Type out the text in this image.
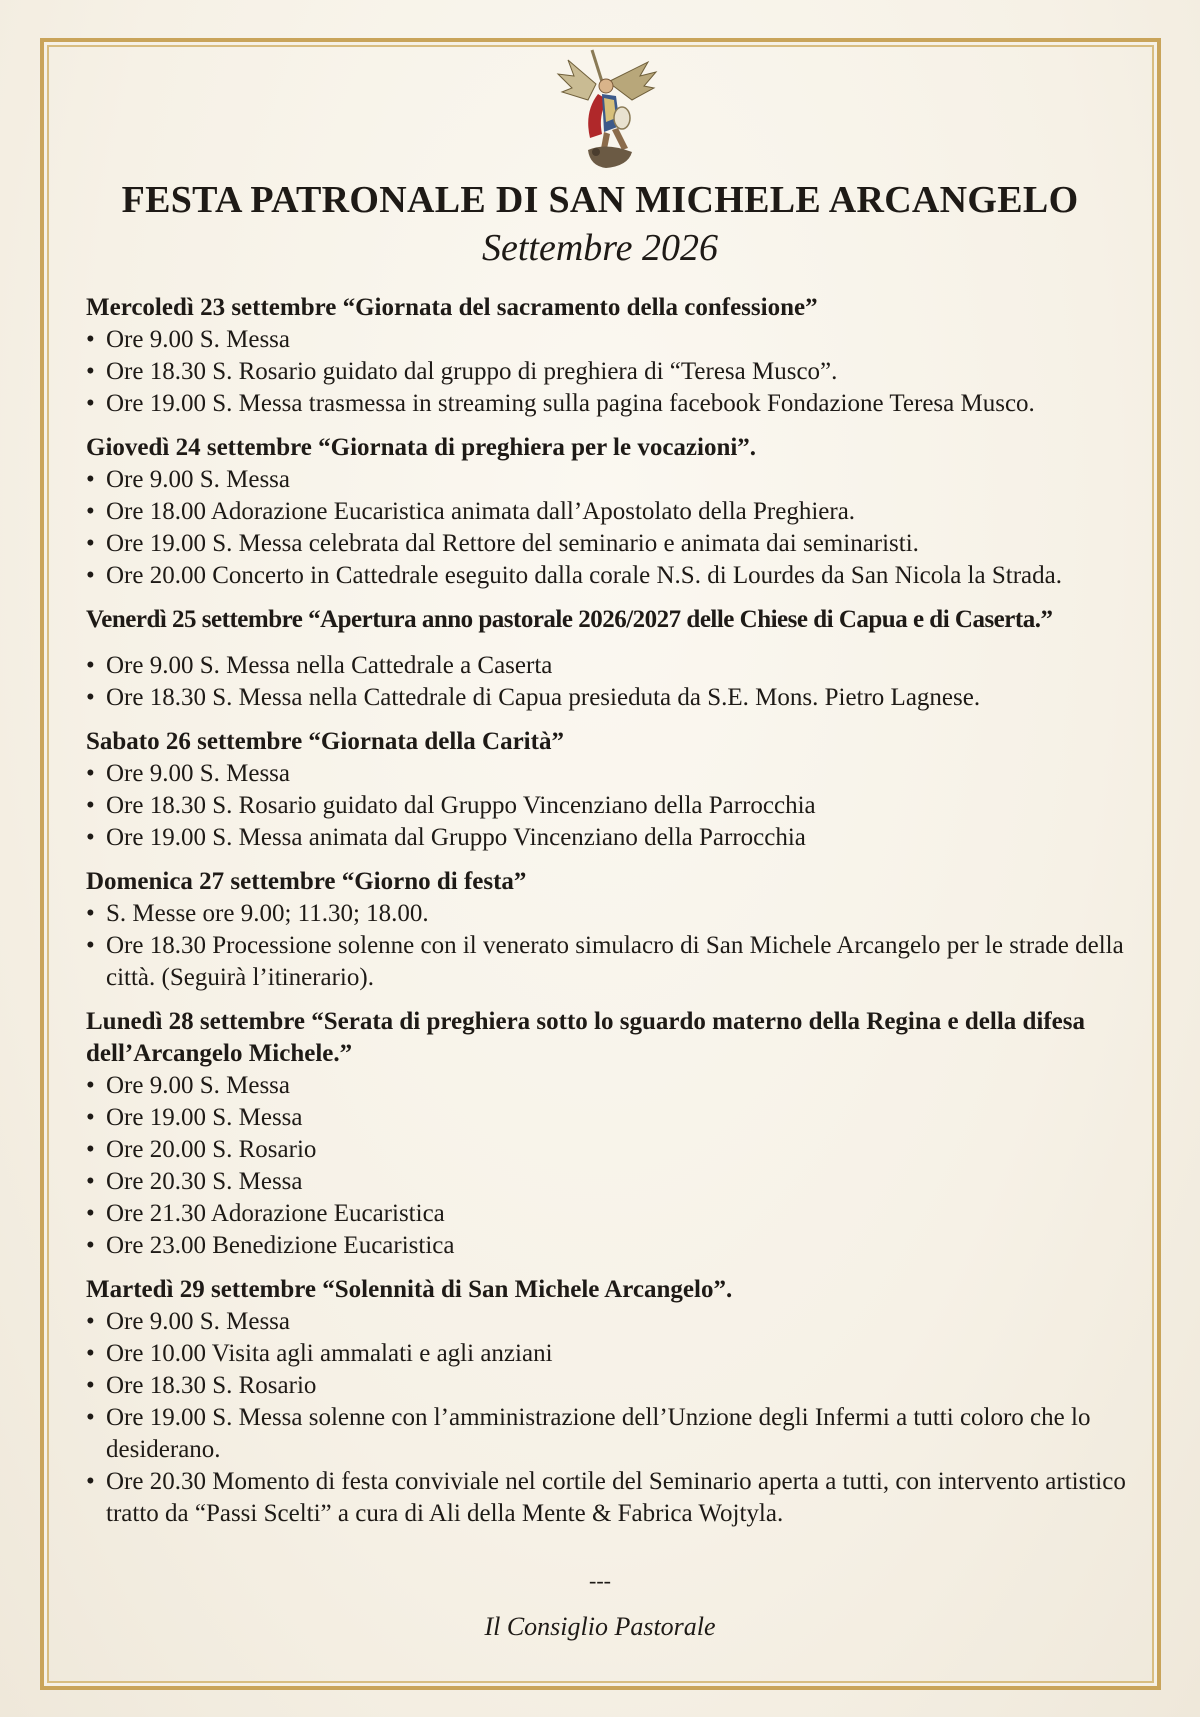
FESTA PATRONALE DI SAN MICHELE ARCANGELO
Settembre 2026
Mercoledì 23 settembre “Giornata del sacramento della confessione”
• Ore 9.00 S. Messa
• Ore 18.30 S. Rosario guidato dal gruppo di preghiera di “Teresa Musco”.
• Ore 19.00 S. Messa trasmessa in streaming sulla pagina facebook Fondazione Teresa Musco.
Giovedì 24 settembre “Giornata di preghiera per le vocazioni”.
• Ore 9.00 S. Messa
• Ore 18.00 Adorazione Eucaristica animata dall’Apostolato della Preghiera.
• Ore 19.00 S. Messa celebrata dal Rettore del seminario e animata dai seminaristi.
• Ore 20.00 Concerto in Cattedrale eseguito dalla corale N.S. di Lourdes da San Nicola la Strada.
Venerdì 25 settembre “Apertura anno pastorale 2026/2027 delle Chiese di Capua e di Caserta.”
• Ore 9.00 S. Messa nella Cattedrale a Caserta
• Ore 18.30 S. Messa nella Cattedrale di Capua presieduta da S.E. Mons. Pietro Lagnese.
Sabato 26 settembre “Giornata della Carità”
• Ore 9.00 S. Messa
• Ore 18.30 S. Rosario guidato dal Gruppo Vincenziano della Parrocchia
• Ore 19.00 S. Messa animata dal Gruppo Vincenziano della Parrocchia
Domenica 27 settembre “Giorno di festa”
• S. Messe ore 9.00; 11.30; 18.00.
• Ore 18.30 Processione solenne con il venerato simulacro di San Michele Arcangelo per le strade della città. (Seguirà l’itinerario).
Lunedì 28 settembre “Serata di preghiera sotto lo sguardo materno della Regina e della difesa dell’Arcangelo Michele.”
• Ore 9.00 S. Messa
• Ore 19.00 S. Messa
• Ore 20.00 S. Rosario
• Ore 20.30 S. Messa
• Ore 21.30 Adorazione Eucaristica
• Ore 23.00 Benedizione Eucaristica
Martedì 29 settembre “Solennità di San Michele Arcangelo”.
• Ore 9.00 S. Messa
• Ore 10.00 Visita agli ammalati e agli anziani
• Ore 18.30 S. Rosario
• Ore 19.00 S. Messa solenne con l’amministrazione dell’Unzione degli Infermi a tutti coloro che lo desiderano.
• Ore 20.30 Momento di festa conviviale nel cortile del Seminario aperta a tutti, con intervento artistico tratto da “Passi Scelti” a cura di Ali della Mente & Fabrica Wojtyla.
---
Il Consiglio Pastorale
